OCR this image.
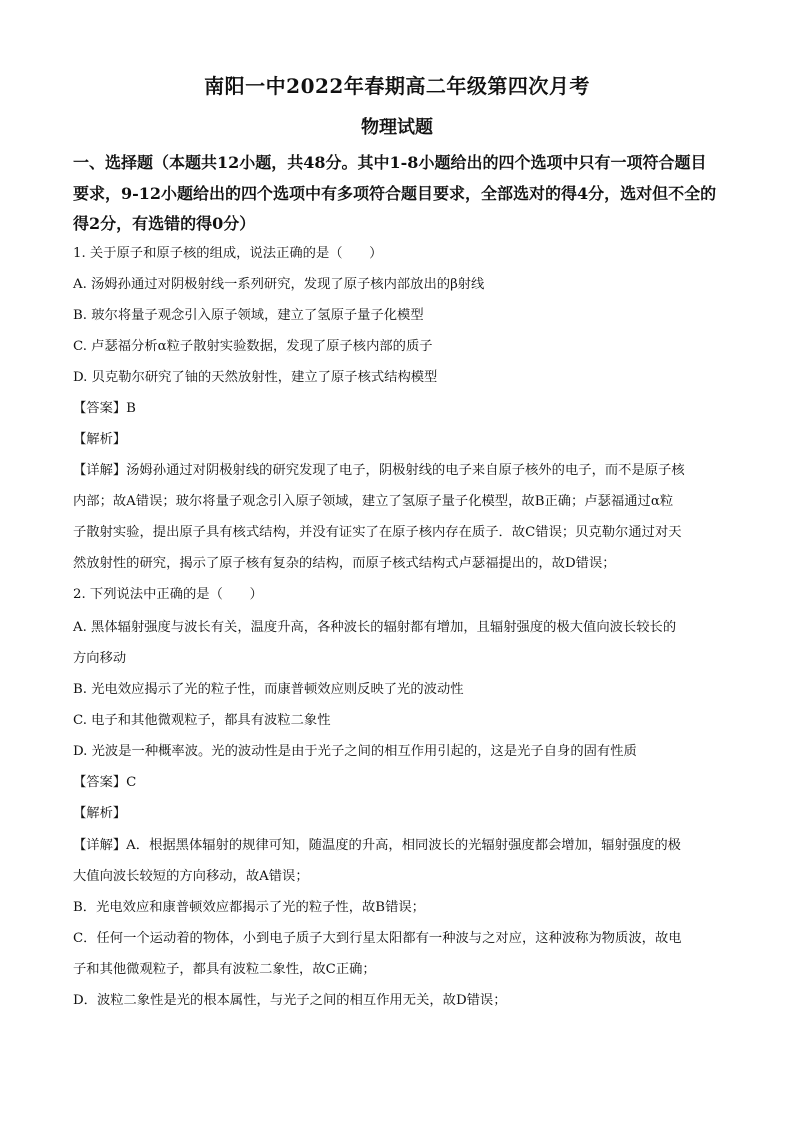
南阳一中2022年春期高二年级第四次月考
物理试题
一、选择题（本题共12小题，共48分。其中1-8小题给出的四个选项中只有一项符合题目
要求，9-12小题给出的四个选项中有多项符合题目要求，全部选对的得4分，选对但不全的
得2分，有选错的得0分）
1. 关于原子和原子核的组成，说法正确的是（　　）
A. 汤姆孙通过对阴极射线一系列研究，发现了原子核内部放出的β射线
B. 玻尔将量子观念引入原子领域，建立了氢原子量子化模型
C. 卢瑟福分析α粒子散射实验数据，发现了原子核内部的质子
D. 贝克勒尔研究了铀的天然放射性，建立了原子核式结构模型
【答案】B
【解析】
【详解】汤姆孙通过对阴极射线的研究发现了电子，阴极射线的电子来自原子核外的电子，而不是原子核
内部；故A错误；玻尔将量子观念引入原子领域，建立了氢原子量子化模型，故B正确；卢瑟福通过α粒
子散射实验，提出原子具有核式结构，并没有证实了在原子核内存在质子．故C错误；贝克勒尔通过对天
然放射性的研究，揭示了原子核有复杂的结构，而原子核式结构式卢瑟福提出的，故D错误；
2. 下列说法中正确的是（　　）
A. 黑体辐射强度与波长有关，温度升高，各种波长的辐射都有增加，且辐射强度的极大值向波长较长的
方向移动
B. 光电效应揭示了光的粒子性，而康普顿效应则反映了光的波动性
C. 电子和其他微观粒子，都具有波粒二象性
D. 光波是一种概率波。光的波动性是由于光子之间的相互作用引起的，这是光子自身的固有性质
【答案】C
【解析】
【详解】A．根据黑体辐射的规律可知，随温度的升高，相同波长的光辐射强度都会增加，辐射强度的极
大值向波长较短的方向移动，故A错误；
B．光电效应和康普顿效应都揭示了光的粒子性，故B错误；
C．任何一个运动着的物体，小到电子质子大到行星太阳都有一种波与之对应，这种波称为物质波，故电
子和其他微观粒子，都具有波粒二象性，故C正确；
D．波粒二象性是光的根本属性，与光子之间的相互作用无关，故D错误；
